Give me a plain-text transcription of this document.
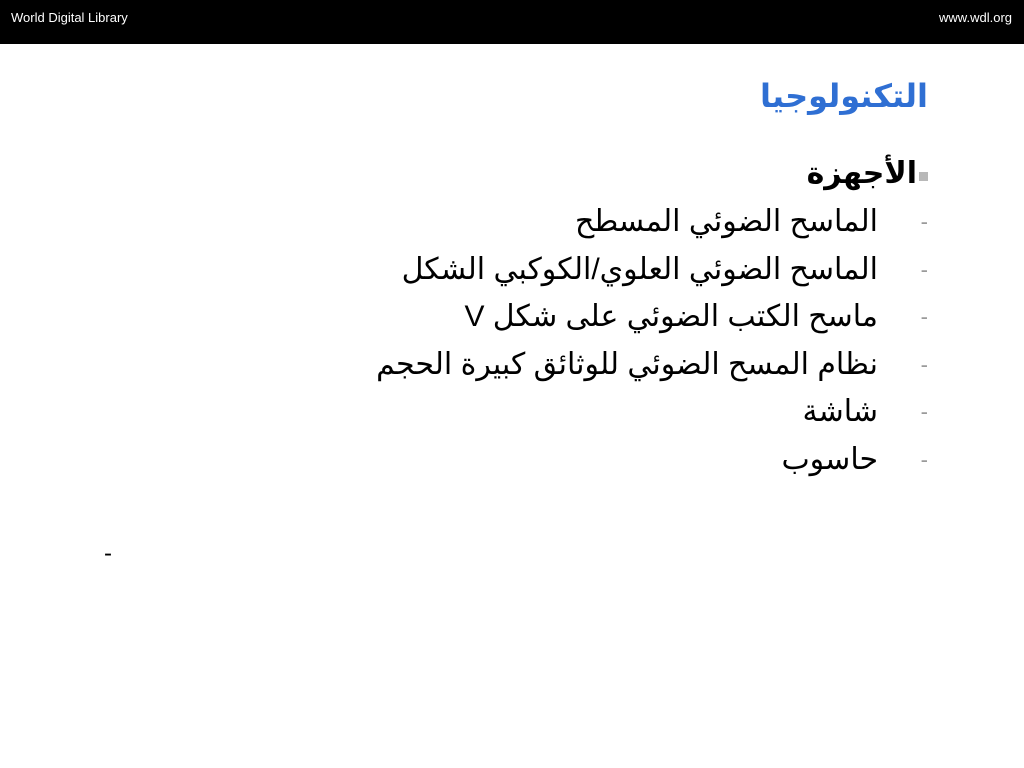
World Digital Library	www.wdl.org
التكنولوجيا
الأجهزة
-
الماسح الضوئي المسطح
-
الماسح الضوئي العلوي/الكوكبي الشكل
-
ماسح الكتب الضوئي على شكل V
-
نظام المسح الضوئي للوثائق كبيرة الحجم
-
شاشة
-
حاسوب
-
